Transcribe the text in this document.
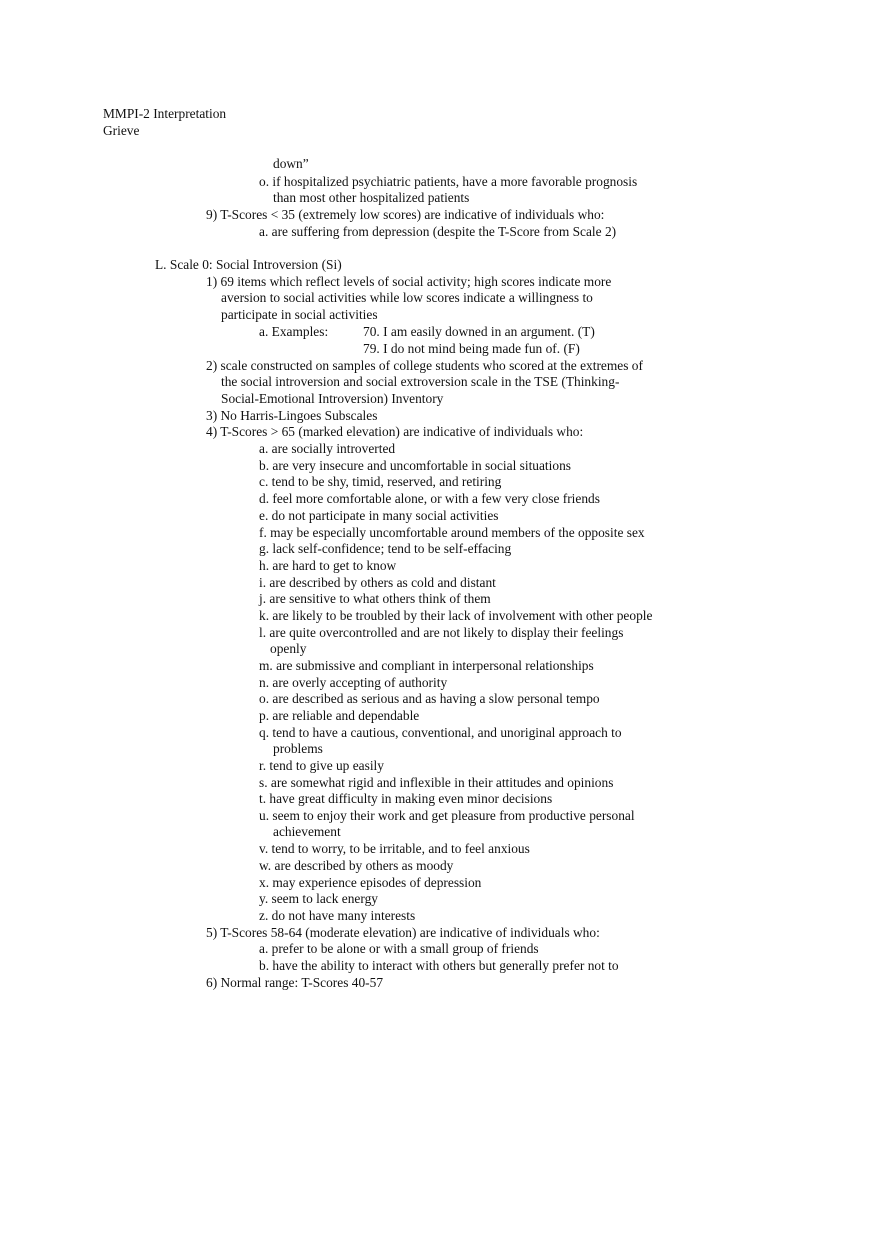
MMPI-2 Interpretation
Grieve
down”
o. if hospitalized psychiatric patients, have a more favorable prognosis
than most other hospitalized patients
9) T-Scores < 35 (extremely low scores) are indicative of individuals who:
a. are suffering from depression (despite the T-Score from Scale 2)
L. Scale 0: Social Introversion (Si)
1) 69 items which reflect levels of social activity; high scores indicate more
aversion to social activities while low scores indicate a willingness to
participate in social activities
a. Examples:	70. I am easily downed in an argument. (T)
79. I do not mind being made fun of. (F)
2) scale constructed on samples of college students who scored at the extremes of
the social introversion and social extroversion scale in the TSE (Thinking-
Social-Emotional Introversion) Inventory
3) No Harris-Lingoes Subscales
4) T-Scores > 65 (marked elevation) are indicative of individuals who:
a. are socially introverted
b. are very insecure and uncomfortable in social situations
c. tend to be shy, timid, reserved, and retiring
d. feel more comfortable alone, or with a few very close friends
e. do not participate in many social activities
f. may be especially uncomfortable around members of the opposite sex
g. lack self-confidence; tend to be self-effacing
h. are hard to get to know
i. are described by others as cold and distant
j. are sensitive to what others think of them
k. are likely to be troubled by their lack of involvement with other people
l. are quite overcontrolled and are not likely to display their feelings
openly
m. are submissive and compliant in interpersonal relationships
n. are overly accepting of authority
o. are described as serious and as having a slow personal tempo
p. are reliable and dependable
q. tend to have a cautious, conventional, and unoriginal approach to
problems
r. tend to give up easily
s. are somewhat rigid and inflexible in their attitudes and opinions
t. have great difficulty in making even minor decisions
u. seem to enjoy their work and get pleasure from productive personal
achievement
v. tend to worry, to be irritable, and to feel anxious
w. are described by others as moody
x. may experience episodes of depression
y. seem to lack energy
z. do not have many interests
5) T-Scores 58-64 (moderate elevation) are indicative of individuals who:
a. prefer to be alone or with a small group of friends
b. have the ability to interact with others but generally prefer not to
6) Normal range: T-Scores 40-57
